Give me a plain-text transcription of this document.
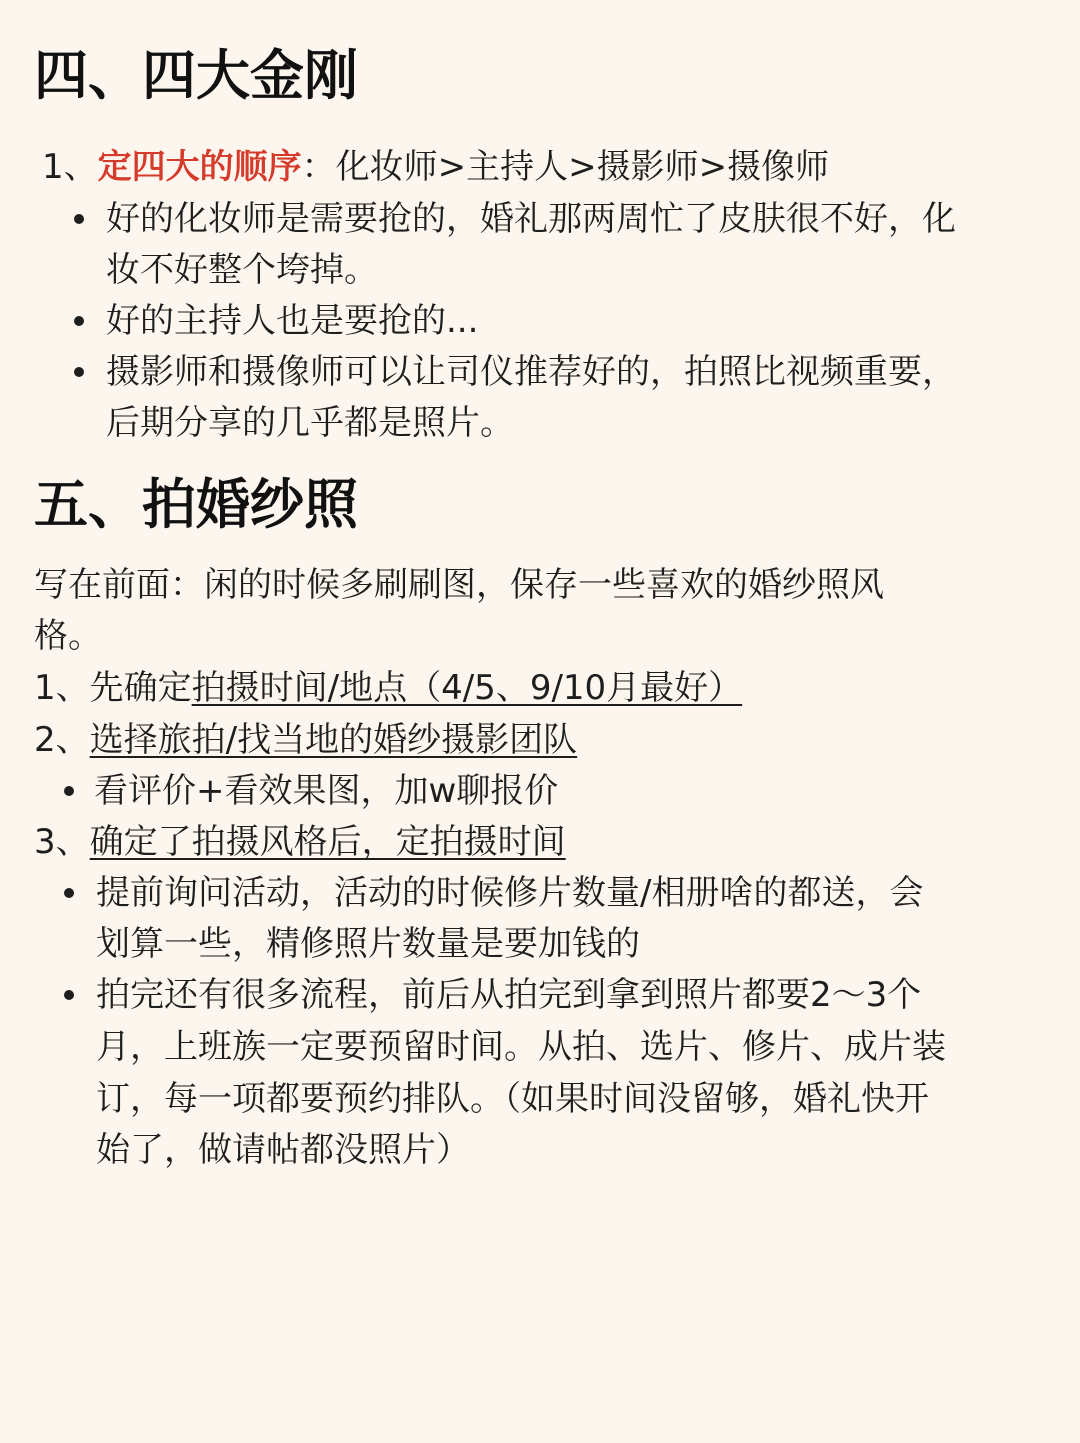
四、四大金刚
1、定四大的顺序：化妆师>主持人>摄影师>摄像师
好的化妆师是需要抢的，婚礼那两周忙了皮肤很不好，化
妆不好整个垮掉。
好的主持人也是要抢的...
摄影师和摄像师可以让司仪推荐好的，拍照比视频重要，
后期分享的几乎都是照片。
五、拍婚纱照
写在前面：闲的时候多刷刷图，保存一些喜欢的婚纱照风
格。
1、先确定拍摄时间/地点（4/5、9/10月最好）
2、选择旅拍/找当地的婚纱摄影团队
看评价+看效果图，加w聊报价
3、确定了拍摄风格后，定拍摄时间
提前询问活动，活动的时候修片数量/相册啥的都送，会
划算一些，精修照片数量是要加钱的
拍完还有很多流程，前后从拍完到拿到照片都要2～3个
月，上班族一定要预留时间。从拍、选片、修片、成片装
订，每一项都要预约排队。（如果时间没留够，婚礼快开
始了，做请帖都没照片）
